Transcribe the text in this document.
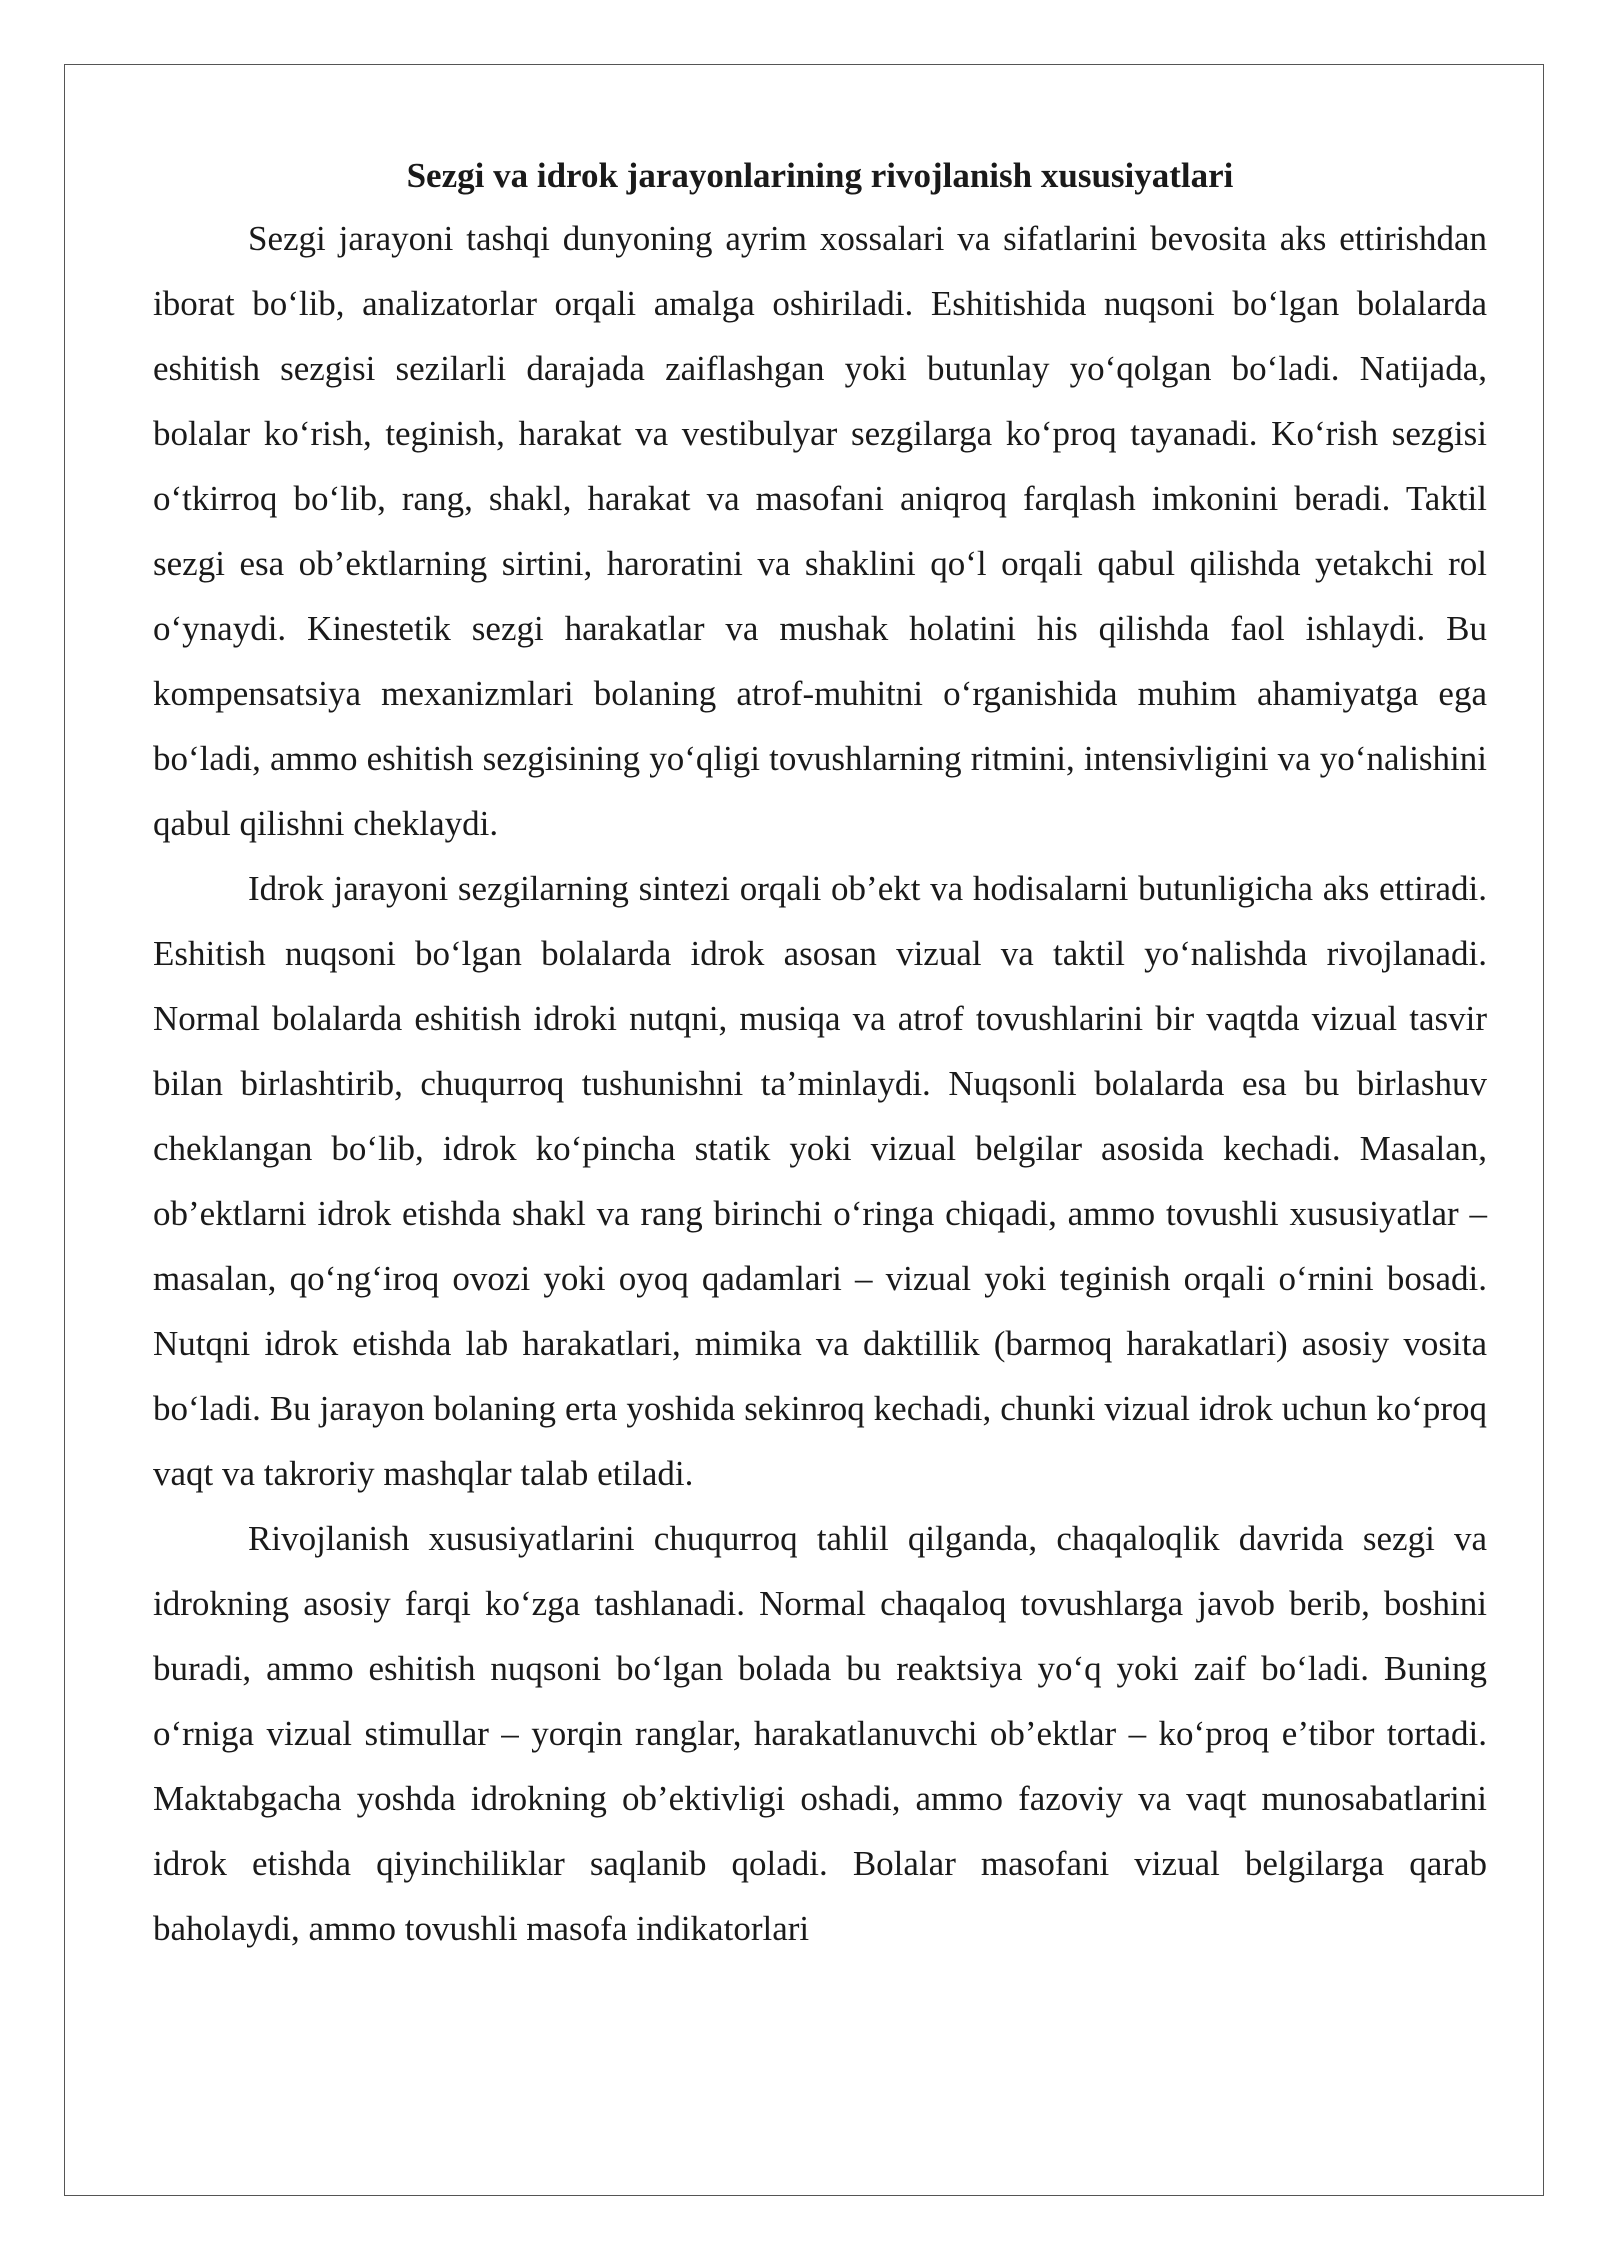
Sezgi va idrok jarayonlarining rivojlanish xususiyatlari

Sezgi jarayoni tashqi dunyoning ayrim xossalari va sifatlarini bevosita aks ettirishdan iborat bo‘lib, analizatorlar orqali amalga oshiriladi. Eshitishida nuqsoni bo‘lgan bolalarda eshitish sezgisi sezilarli darajada zaiflashgan yoki butunlay yo‘qolgan bo‘ladi. Natijada, bolalar ko‘rish, teginish, harakat va vestibulyar sezgilarga ko‘proq tayanadi. Ko‘rish sezgisi o‘tkirroq bo‘lib, rang, shakl, harakat va masofani aniqroq farqlash imkonini beradi. Taktil sezgi esa ob’ektlarning sirtini, haroratini va shaklini qo‘l orqali qabul qilishda yetakchi rol o‘ynaydi. Kinestetik sezgi harakatlar va mushak holatini his qilishda faol ishlaydi. Bu kompensatsiya mexanizmlari bolaning atrof-muhitni o‘rganishida muhim ahamiyatga ega bo‘ladi, ammo eshitish sezgisining yo‘qligi tovushlarning ritmini, intensivligini va yo‘nalishini qabul qilishni cheklaydi.

Idrok jarayoni sezgilarning sintezi orqali ob’ekt va hodisalarni butunligicha aks ettiradi. Eshitish nuqsoni bo‘lgan bolalarda idrok asosan vizual va taktil yo‘nalishda rivojlanadi. Normal bolalarda eshitish idroki nutqni, musiqa va atrof tovushlarini bir vaqtda vizual tasvir bilan birlashtirib, chuqurroq tushunishni ta’minlaydi. Nuqsonli bolalarda esa bu birlashuv cheklangan bo‘lib, idrok ko‘pincha statik yoki vizual belgilar asosida kechadi. Masalan, ob’ektlarni idrok etishda shakl va rang birinchi o‘ringa chiqadi, ammo tovushli xususiyatlar – masalan, qo‘ng‘iroq ovozi yoki oyoq qadamlari – vizual yoki teginish orqali o‘rnini bosadi. Nutqni idrok etishda lab harakatlari, mimika va daktillik (barmoq harakatlari) asosiy vosita bo‘ladi. Bu jarayon bolaning erta yoshida sekinroq kechadi, chunki vizual idrok uchun ko‘proq vaqt va takroriy mashqlar talab etiladi.

Rivojlanish xususiyatlarini chuqurroq tahlil qilganda, chaqaloqlik davrida sezgi va idrokning asosiy farqi ko‘zga tashlanadi. Normal chaqaloq tovushlarga javob berib, boshini buradi, ammo eshitish nuqsoni bo‘lgan bolada bu reaktsiya yo‘q yoki zaif bo‘ladi. Buning o‘rniga vizual stimullar – yorqin ranglar, harakatlanuvchi ob’ektlar – ko‘proq e’tibor tortadi. Maktabgacha yoshda idrokning ob’ektivligi oshadi, ammo fazoviy va vaqt munosabatlarini idrok etishda qiyinchiliklar saqlanib qoladi. Bolalar masofani vizual belgilarga qarab baholaydi, ammo tovushli masofa indikatorlari
